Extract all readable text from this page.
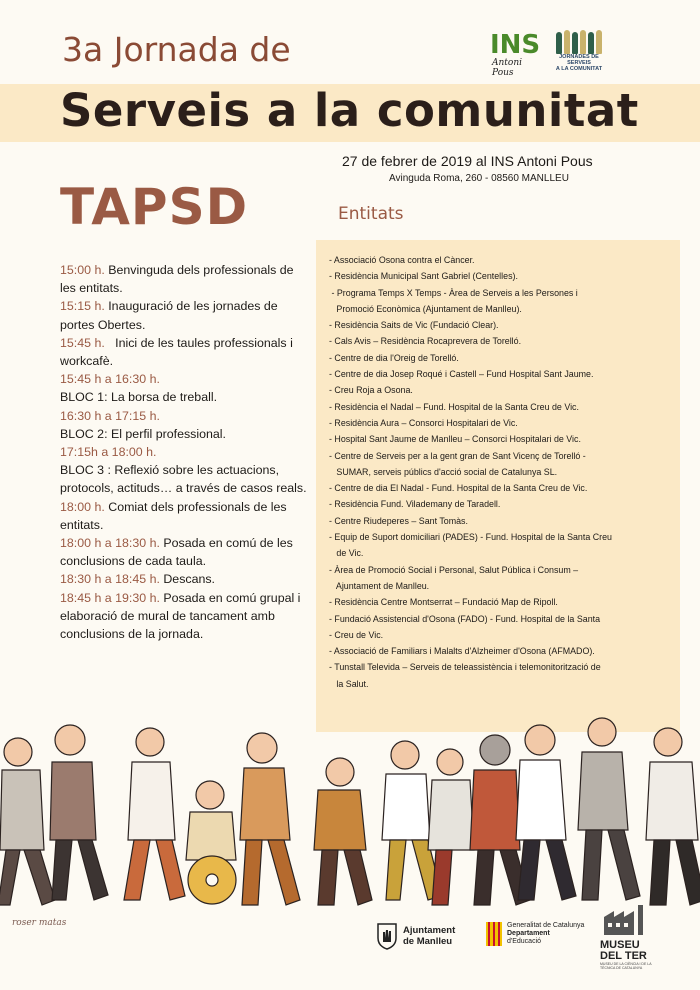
3a Jornada de
Serveis a la comunitat
INS
Antoni Pous
JORNADES DE SERVEIS
A LA COMUNITAT
27 de febrer de 2019 al INS Antoni Pous
Avinguda Roma, 260 - 08560 MANLLEU
TAPSD	Entitats

15:00 h. Benvinguda dels professionals de les entitats.

15:15 h. Inauguració de les jornades de portes Obertes.

15:45 h.   Inici de les taules professionals i workcafè.

15:45 h a 16:30 h.

BLOC 1: La borsa de treball.

16:30 h a 17:15 h.

BLOC 2: El perfil professional.

17:15h a 18:00 h.

BLOC 3 : Reflexió sobre les actuacions, protocols, actituds… a través de casos reals.

18:00 h. Comiat dels professionals de les  entitats.

18:00 h a 18:30 h. Posada en comú de les conclusions de cada taula.

18:30 h a 18:45 h. Descans.

18:45 h a 19:30 h. Posada en comú grupal i elaboració de mural de tancament amb conclusions de la jornada.

- Associació Osona contra el Càncer.
- Residència Municipal Sant Gabriel (Centelles).
- Programa Temps X Temps - Àrea de Serveis a les Persones i
Promoció Econòmica (Ajuntament de Manlleu).
- Residència Saits de Vic (Fundació Clear).
- Cals Avis – Residència Rocaprevera de Torelló.
- Centre de dia l'Oreig de Torelló.
- Centre de dia Josep Roqué i Castell – Fund Hospital Sant Jaume.
- Creu Roja a Osona.
- Residència el Nadal – Fund. Hospital de la Santa Creu de Vic.
- Residència Aura – Consorci Hospitalari de Vic.
- Hospital Sant Jaume de Manlleu – Consorci Hospitalari de Vic.
- Centre de Serveis per a la gent gran de Sant Vicenç de Torelló -
SUMAR, serveis públics d'acció social de Catalunya SL.
- Centre de dia El Nadal - Fund. Hospital de la Santa Creu de Vic.
- Residència Fund. Vilademany de Taradell.
- Centre Riudeperes – Sant Tomàs.
- Equip de Suport domiciliari (PADES) - Fund. Hospital de la Santa Creu
de Vic.
- Àrea de Promoció Social i Personal, Salut Pública i Consum –
Ajuntament de Manlleu.
- Residència Centre Montserrat – Fundació Map de Ripoll.
- Fundació Assistencial d'Osona (FADO) - Fund. Hospital de la Santa
- Creu de Vic.
- Associació de Familiars i Malalts d'Alzheimer d'Osona (AFMADO).
- Tunstall Televida – Serveis de teleassistència i telemonitorització de
la Salut.
roser matas
Ajuntament
de Manlleu
Generalitat de Catalunya
Departament
d'Educació	MUSEU
DEL TER
MUSEU DE LA CIÈNCIA I DE LA TÈCNICA DE CATALUNYA
